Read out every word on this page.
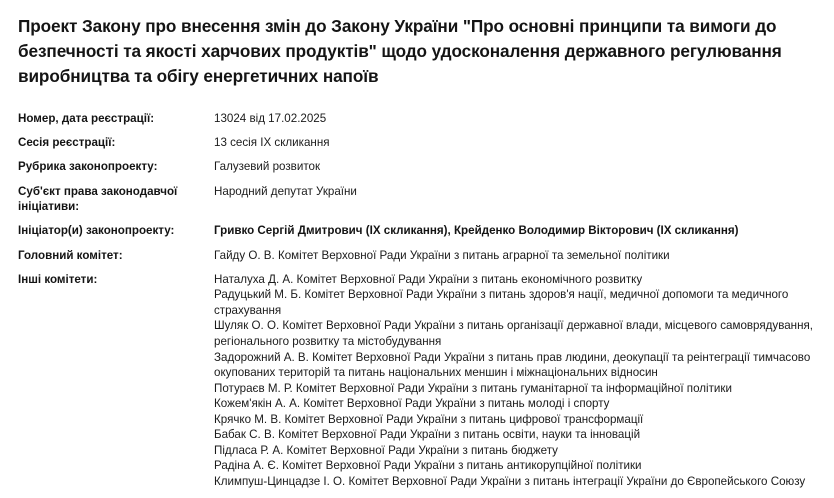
Проект Закону про внесення змін до Закону України "Про основні принципи та вимоги до безпечності та якості харчових продуктів" щодо удосконалення державного регулювання виробництва та обігу енергетичних напоїв
Номер, дата реєстрації:	13024 від 17.02.2025
Сесія реєстрації:	13 сесія IX скликання
Рубрика законопроекту:	Галузевий розвиток
Суб'єкт права законодавчої ініціативи:	Народний депутат України
Ініціатор(и) законопроекту:	Гривко Сергій Дмитрович (IX скликання), Крейденко Володимир Вікторович (IX скликання)
Головний комітет:	Гайду О. В. Комітет Верховної Ради України з питань аграрної та земельної політики
Інші комітети:	Наталуха Д. А. Комітет Верховної Ради України з питань економічного розвитку
Радуцький М. Б. Комітет Верховної Ради України з питань здоров'я нації, медичної допомоги та медичного страхування
Шуляк О. О. Комітет Верховної Ради України з питань організації державної влади, місцевого самоврядування, регіонального розвитку та містобудування
Задорожний А. В. Комітет Верховної Ради України з питань прав людини, деокупації та реінтеграції тимчасово окупованих територій та питань національних меншин і міжнаціональних відносин
Потураєв М. Р. Комітет Верховної Ради України з питань гуманітарної та інформаційної політики
Кожем'якін А. А. Комітет Верховної Ради України з питань молоді і спорту
Крячко М. В. Комітет Верховної Ради України з питань цифрової трансформації
Бабак С. В. Комітет Верховної Ради України з питань освіти, науки та інновацій
Підласа Р. А. Комітет Верховної Ради України з питань бюджету
Радіна А. Є. Комітет Верховної Ради України з питань антикорупційної політики
Климпуш-Цинцадзе І. О. Комітет Верховної Ради України з питань інтеграції України до Європейського Союзу
